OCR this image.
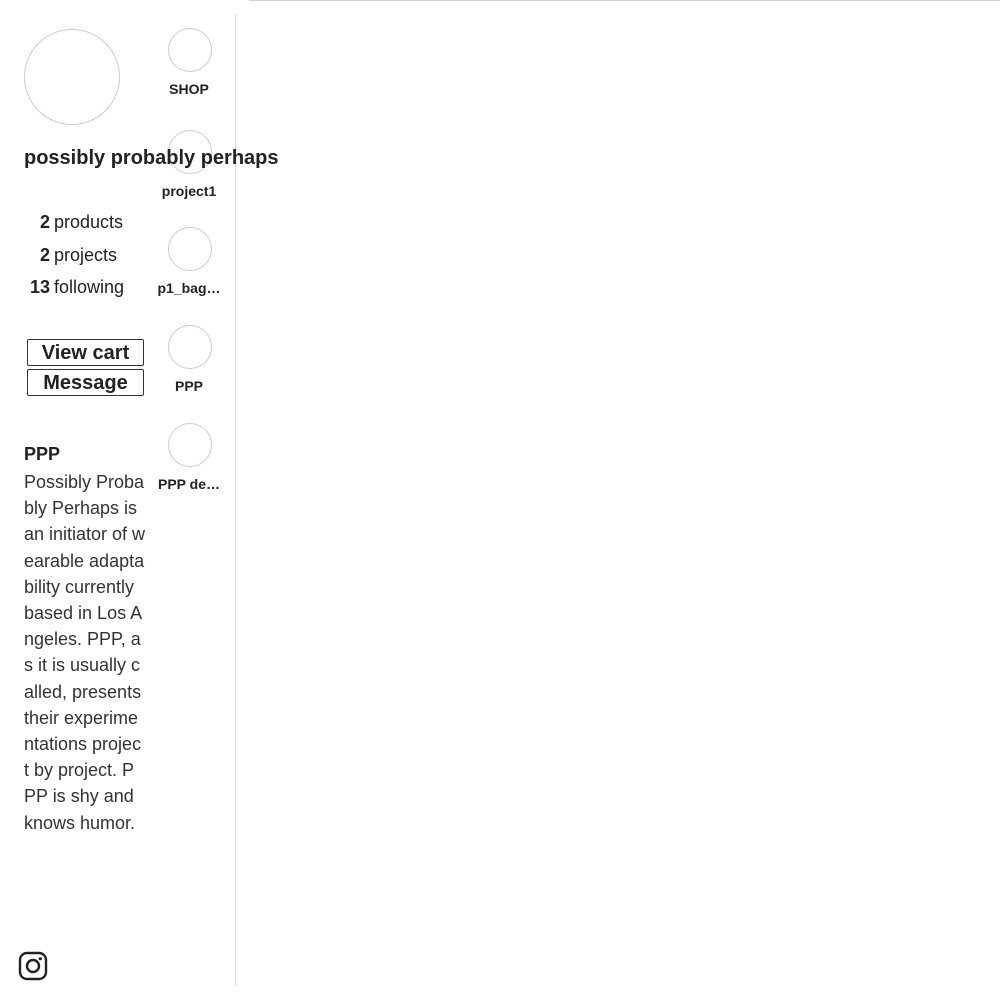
possibly probably perhaps
2 products
2 projects
13 following
View cart
Message
PPP
Possibly Probably Perhaps is an initiator of wearable adaptability currently based in Los Angeles. PPP, as it is usually called, presents their experimentations project by project. PPP is shy and knows humor.
SHOP
project1
p1_bag…
PPP
PPP de…
